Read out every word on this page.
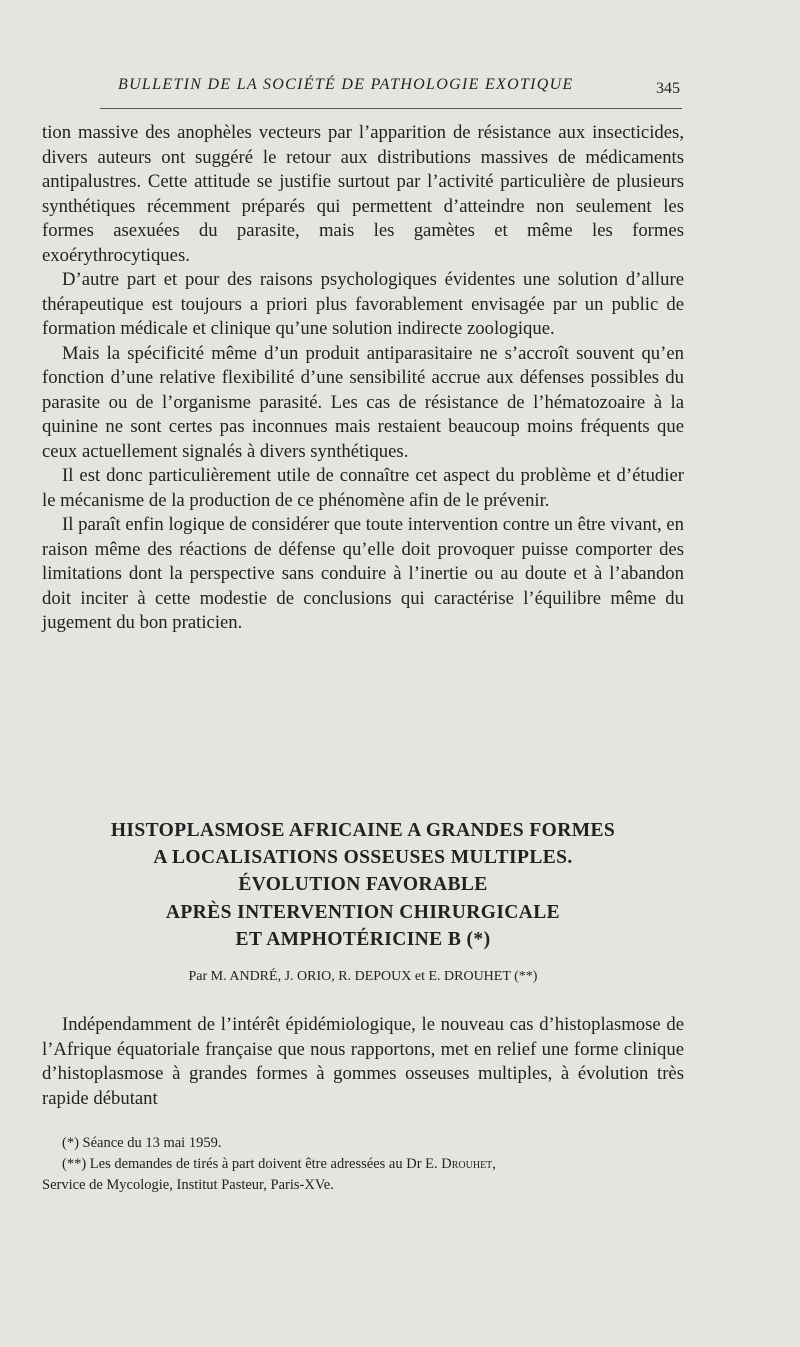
BULLETIN DE LA SOCIÉTÉ DE PATHOLOGIE EXOTIQUE	345

tion massive des anophèles vecteurs par l’apparition de résistance aux insecticides, divers auteurs ont suggéré le retour aux distributions massives de médicaments antipalustres. Cette attitude se justifie surtout par l’activité particulière de plusieurs synthétiques récemment préparés qui permettent d’atteindre non seulement les formes asexuées du parasite, mais les gamètes et même les formes exoérythrocytiques.

D’autre part et pour des raisons psychologiques évidentes une solution d’allure thérapeutique est toujours a priori plus favorablement envisagée par un public de formation médicale et clinique qu’une solution indirecte zoologique.

Mais la spécificité même d’un produit antiparasitaire ne s’accroît souvent qu’en fonction d’une relative flexibilité d’une sensibilité accrue aux défenses possibles du parasite ou de l’organisme parasité. Les cas de résistance de l’hématozoaire à la quinine ne sont certes pas inconnues mais restaient beaucoup moins fréquents que ceux actuellement signalés à divers synthétiques.

Il est donc particulièrement utile de connaître cet aspect du problème et d’étudier le mécanisme de la production de ce phénomène afin de le prévenir.

Il paraît enfin logique de considérer que toute intervention contre un être vivant, en raison même des réactions de défense qu’elle doit provoquer puisse comporter des limitations dont la perspective sans conduire à l’inertie ou au doute et à l’abandon doit inciter à cette modestie de conclusions qui caractérise l’équilibre même du jugement du bon praticien.

HISTOPLASMOSE AFRICAINE A GRANDES FORMES
A LOCALISATIONS OSSEUSES MULTIPLES.
ÉVOLUTION FAVORABLE
APRÈS INTERVENTION CHIRURGICALE
ET AMPHOTÉRICINE B (*)
Par M. ANDRÉ, J. ORIO, R. DEPOUX et E. DROUHET (**)

Indépendamment de l’intérêt épidémiologique, le nouveau cas d’histoplasmose de l’Afrique équatoriale française que nous rapportons, met en relief une forme clinique d’histoplasmose à grandes formes à gommes osseuses multiples, à évolution très rapide débutant

(*) Séance du 13 mai 1959.

(**) Les demandes de tirés à part doivent être adressées au Dr E. Drouhet,

Service de Mycologie, Institut Pasteur, Paris-XVe.
